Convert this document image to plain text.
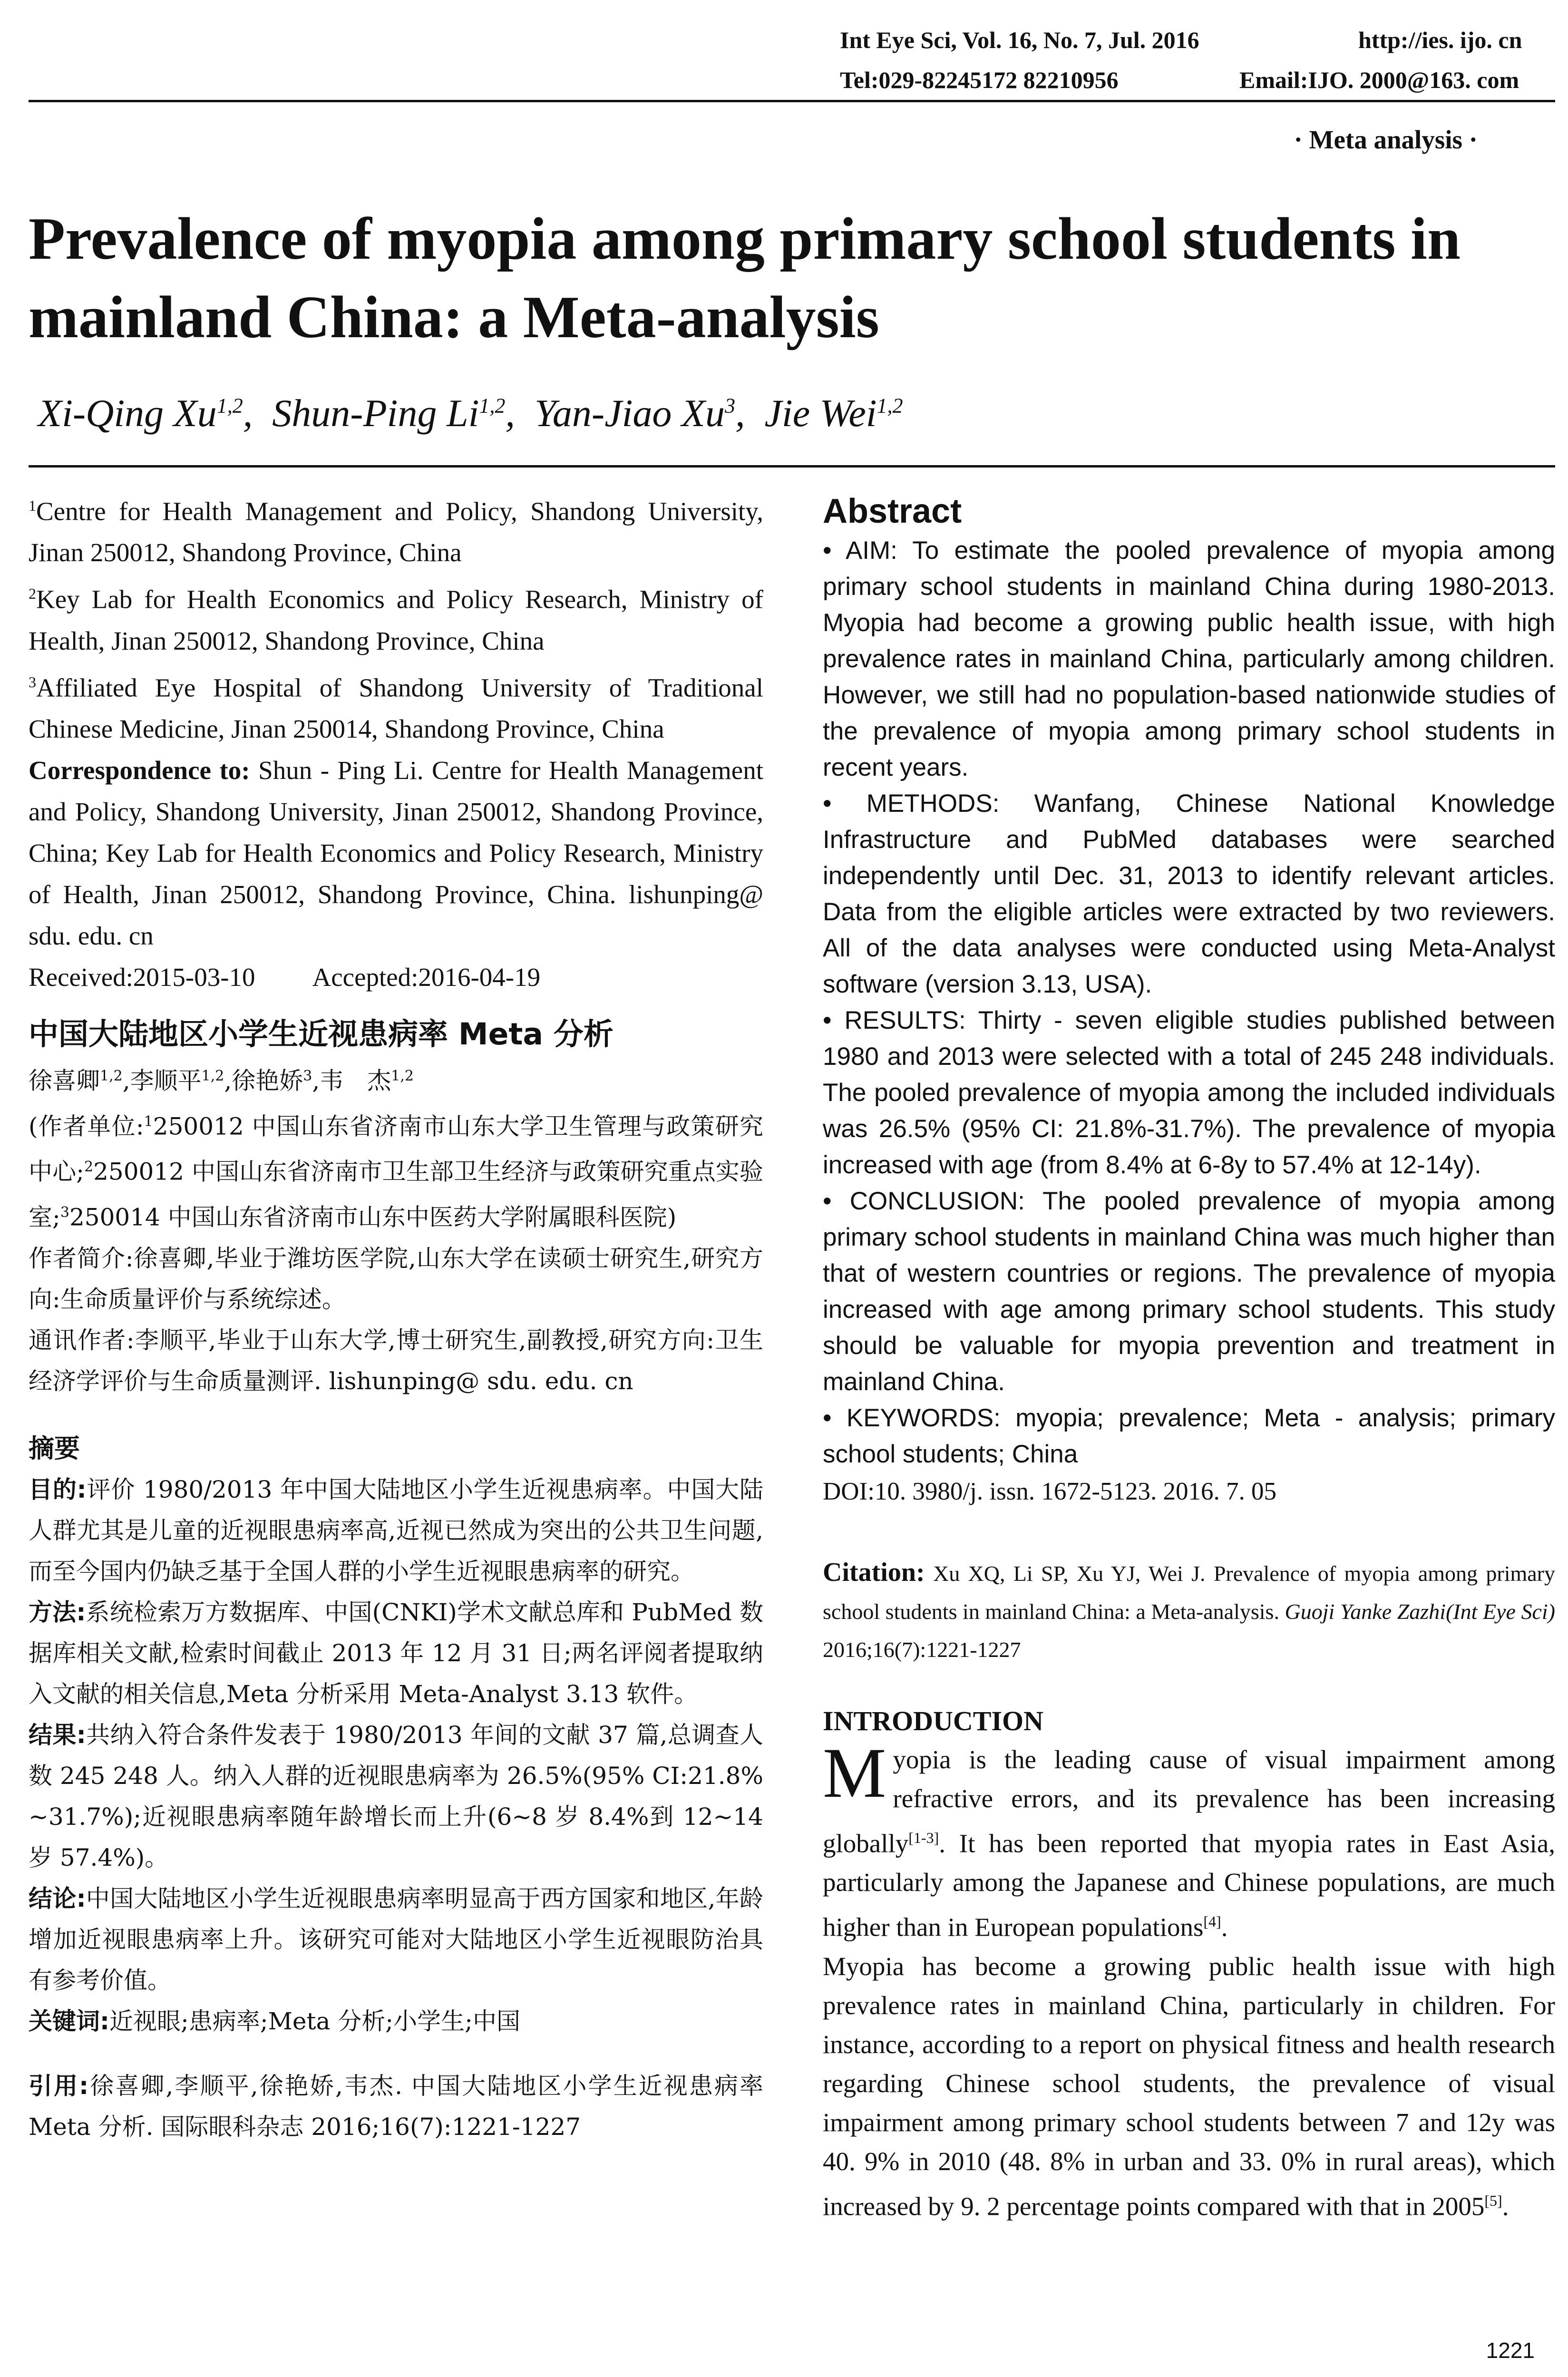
Int Eye Sci, Vol. 16, No. 7, Jul. 2016	http://ies. ijo. cn
Tel:029-82245172 82210956	Email:IJO. 2000@163. com
· Meta analysis ·
Prevalence of myopia among primary school students in mainland China: a Meta-analysis
Xi-Qing Xu$^{1,2}$,  Shun-Ping Li$^{1,2}$,  Yan-Jiao Xu$^3$,  Jie Wei$^{1,2}$

$^1$Centre for Health Management and Policy, Shandong University, Jinan 250012, Shandong Province, China

$^2$Key Lab for Health Economics and Policy Research, Ministry of Health, Jinan 250012, Shandong Province, China

$^3$Affiliated Eye Hospital of Shandong University of Traditional Chinese Medicine, Jinan 250014, Shandong Province, China

Correspondence to: Shun - Ping Li. Centre for Health Management and Policy, Shandong University, Jinan 250012, Shandong Province, China; Key Lab for Health Economics and Policy Research, Ministry of Health, Jinan 250012, Shandong Province, China. lishunping@ sdu. edu. cn

Received:2015-03-10 Accepted:2016-04-19

中国大陆地区小学生近视患病率 Meta 分析

徐喜卿$^{1,2}$,李顺平$^{1,2}$,徐艳娇$^3$,韦　杰$^{1,2}$

(作者单位:$^1$250012 中国山东省济南市山东大学卫生管理与政策研究中心;$^2$250012 中国山东省济南市卫生部卫生经济与政策研究重点实验室;$^3$250014 中国山东省济南市山东中医药大学附属眼科医院)

作者简介:徐喜卿,毕业于潍坊医学院,山东大学在读硕士研究生,研究方向:生命质量评价与系统综述。

通讯作者:李顺平,毕业于山东大学,博士研究生,副教授,研究方向:卫生经济学评价与生命质量测评. lishunping@ sdu. edu. cn

摘要

目的:评价 1980/2013 年中国大陆地区小学生近视患病率。中国大陆人群尤其是儿童的近视眼患病率高,近视已然成为突出的公共卫生问题,而至今国内仍缺乏基于全国人群的小学生近视眼患病率的研究。

方法:系统检索万方数据库、中国(CNKI)学术文献总库和 PubMed 数据库相关文献,检索时间截止 2013 年 12 月 31 日;两名评阅者提取纳入文献的相关信息,Meta 分析采用 Meta-Analyst 3.13 软件。

结果:共纳入符合条件发表于 1980/2013 年间的文献 37 篇,总调查人数 245 248 人。纳入人群的近视眼患病率为 26.5%(95% CI:21.8% ~31.7%);近视眼患病率随年龄增长而上升(6~8 岁 8.4%到 12~14 岁 57.4%)。

结论:中国大陆地区小学生近视眼患病率明显高于西方国家和地区,年龄增加近视眼患病率上升。该研究可能对大陆地区小学生近视眼防治具有参考价值。

关键词:近视眼;患病率;Meta 分析;小学生;中国

引用:徐喜卿,李顺平,徐艳娇,韦杰. 中国大陆地区小学生近视患病率 Meta 分析. 国际眼科杂志 2016;16(7):1221-1227

Abstract

• AIM: To estimate the pooled prevalence of myopia among primary school students in mainland China during 1980-2013. Myopia had become a growing public health issue, with high prevalence rates in mainland China, particularly among children. However, we still had no population-based nationwide studies of the prevalence of myopia among primary school students in recent years.

• METHODS: Wanfang, Chinese National Knowledge Infrastructure and PubMed databases were searched independently until Dec. 31, 2013 to identify relevant articles. Data from the eligible articles were extracted by two reviewers. All of the data analyses were conducted using Meta-Analyst software (version 3.13, USA).

• RESULTS: Thirty - seven eligible studies published between 1980 and 2013 were selected with a total of 245 248 individuals. The pooled prevalence of myopia among the included individuals was 26.5% (95% CI: 21.8%-31.7%). The prevalence of myopia increased with age (from 8.4% at 6-8y to 57.4% at 12-14y).

• CONCLUSION: The pooled prevalence of myopia among primary school students in mainland China was much higher than that of western countries or regions. The prevalence of myopia increased with age among primary school students. This study should be valuable for myopia prevention and treatment in mainland China.

• KEYWORDS: myopia; prevalence; Meta - analysis; primary school students; China

DOI:10. 3980/j. issn. 1672-5123. 2016. 7. 05

Citation: Xu XQ, Li SP, Xu YJ, Wei J. Prevalence of myopia among primary school students in mainland China: a Meta-analysis. Guoji Yanke Zazhi(Int Eye Sci) 2016;16(7):1221-1227

INTRODUCTION

Myopia is the leading cause of visual impairment among refractive errors, and its prevalence has been increasing globally[1-3]. It has been reported that myopia rates in East Asia, particularly among the Japanese and Chinese populations, are much higher than in European populations[4].

Myopia has become a growing public health issue with high prevalence rates in mainland China, particularly in children. For instance, according to a report on physical fitness and health research regarding Chinese school students, the prevalence of visual impairment among primary school students between 7 and 12y was 40. 9% in 2010 (48. 8% in urban and 33. 0% in rural areas), which increased by 9. 2 percentage points compared with that in 2005[5].

1221
